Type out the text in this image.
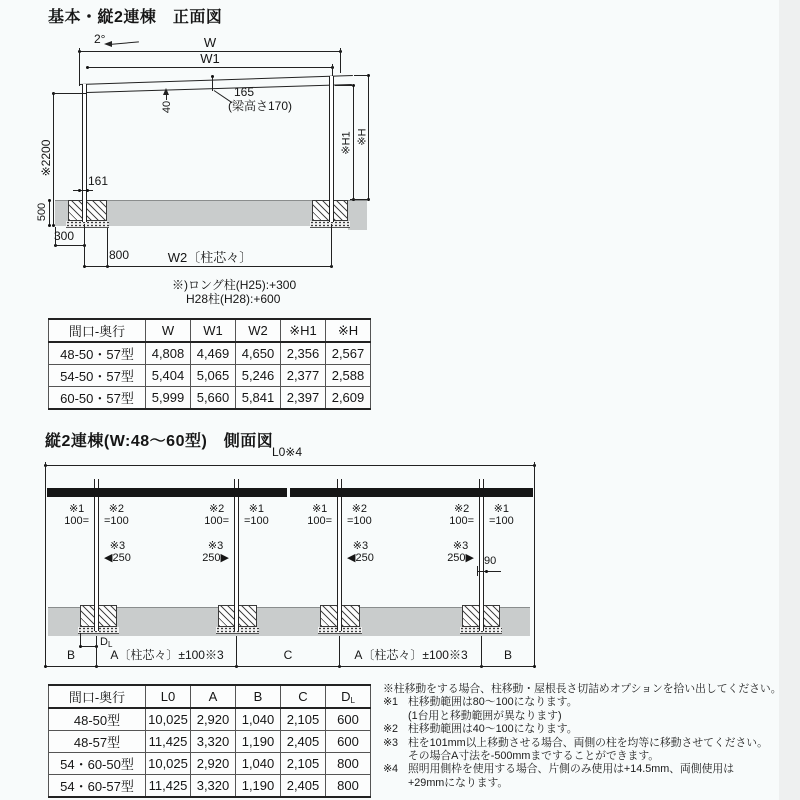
基本・縦2連棟　正面図
2°	W
W1
40
165
(梁高さ170)
※2200	※H1 ※H
161
500
300
800	W2〔柱芯々〕
※)ロング柱(H25):+300
H28柱(H28):+600
間口-奥行	W	W1	W2	※H1	※H
48-50・57型	4,808	4,469	4,650	2,356	2,567
54-50・57型	5,404	5,065	5,246	2,377	2,588
60-50・57型	5,999	5,660	5,841	2,397	2,609
縦2連棟(W:48〜60型)　側面図
L0※4
※1
100=
※2
=100
※3
◀250
※2
100=
※1
=100
※3
250▶
※1
100=
※2
=100
※3
◀250
※2
100=
※1
=100
※3
250▶ 90
DL
B	A〔柱芯々〕±100※3	C	A〔柱芯々〕±100※3	B
間口-奥行	L0	A	B	C	DL
48-50型	10,025	2,920	1,040	2,105	600
48-57型	11,425	3,320	1,190	2,405	600
54・60-50型	10,025	2,920	1,040	2,105	800
54・60-57型	11,425	3,320	1,190	2,405	800
※柱移動をする場合、柱移動・屋根長さ切詰めオプションを拾い出してください。
※1 柱移動範囲は80〜100になります。
(1台用と移動範囲が異なります)
※2 柱移動範囲は40〜100になります。
※3 柱を101mm以上移動させる場合、両側の柱を均等に移動させてください。
その場合A寸法を-500mmまですることができます。
※4 照明用側枠を使用する場合、片側のみ使用は+14.5mm、両側使用は
+29mmになります。
